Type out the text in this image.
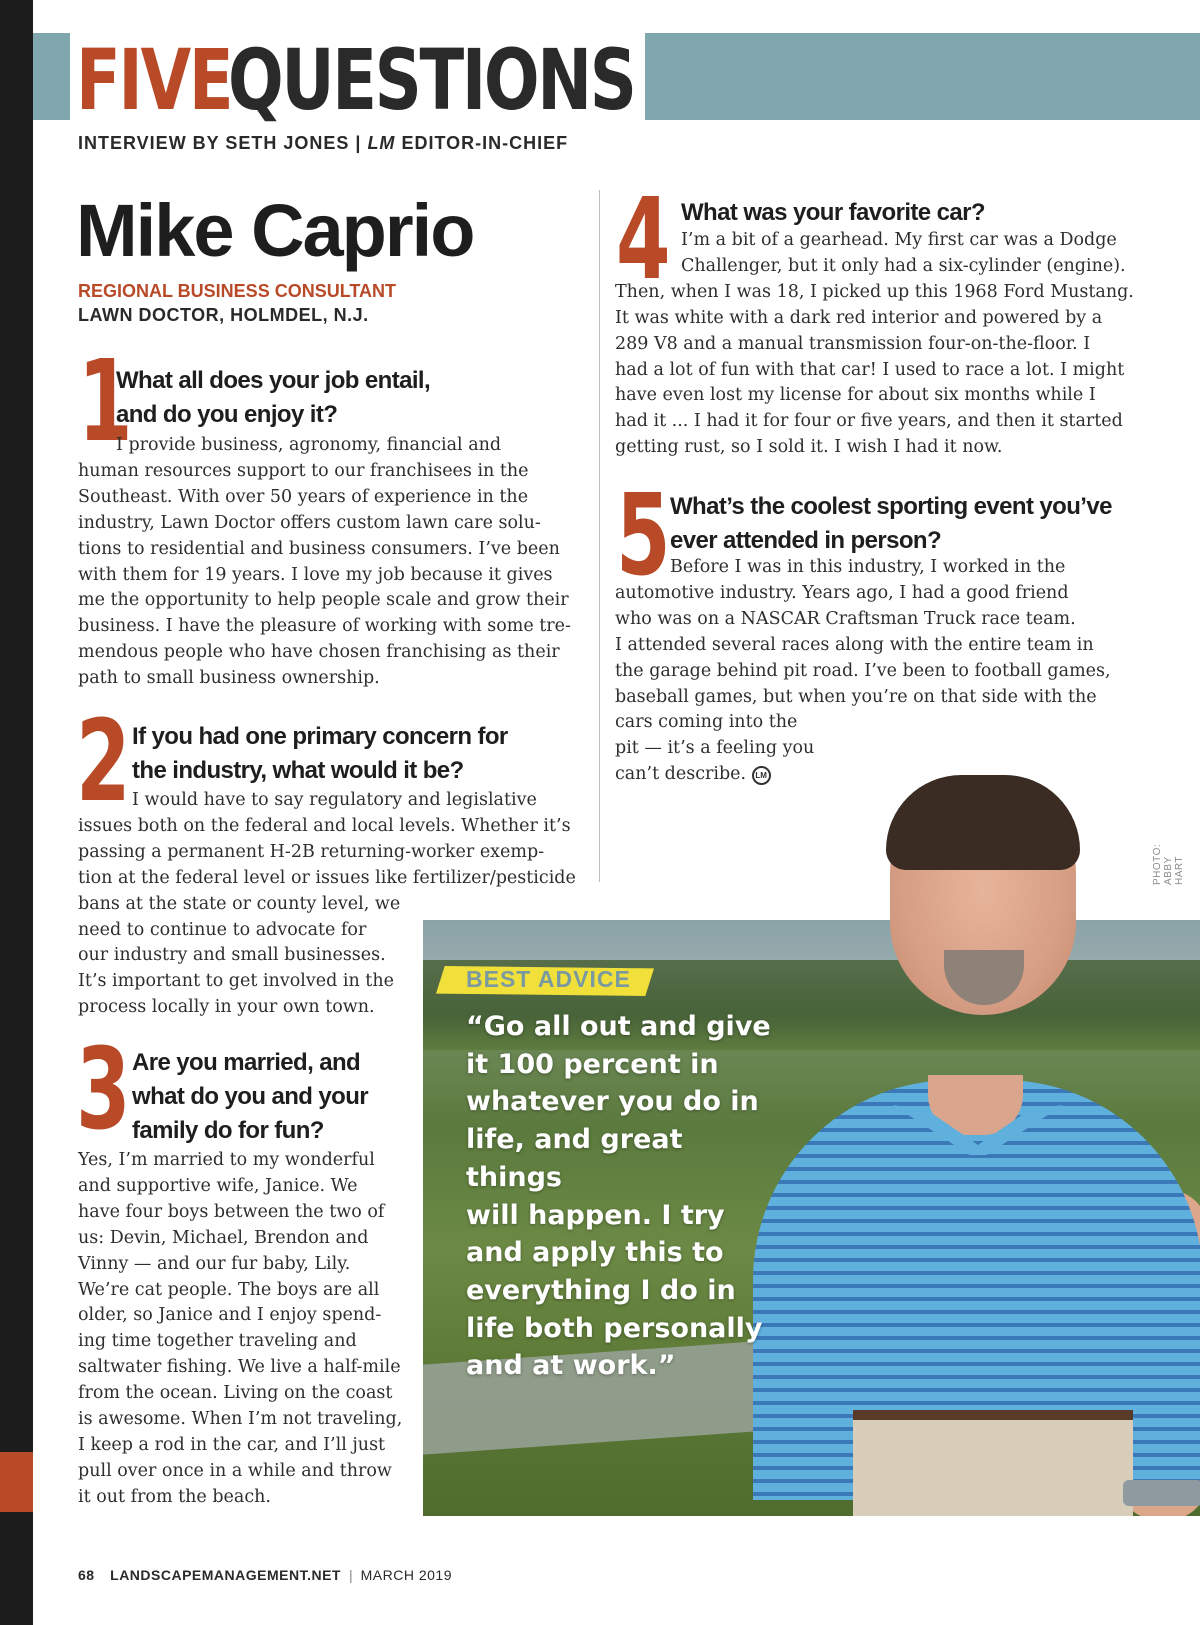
FIVE
QUESTIONS
INTERVIEW BY SETH JONES | LM EDITOR-IN-CHIEF
Mike Caprio
REGIONAL BUSINESS CONSULTANT
LAWN DOCTOR, HOLMDEL, N.J.
1
What all does your job entail,
and do you enjoy it?

I provide business, agronomy, financial and

human resources support to our franchisees in the

Southeast. With over 50 years of experience in the

industry, Lawn Doctor offers custom lawn care solu-

tions to residential and business consumers. I’ve been

with them for 19 years. I love my job because it gives

me the opportunity to help people scale and grow their

business. I have the pleasure of working with some tre-

mendous people who have chosen franchising as their

path to small business ownership.

2 If you had one primary concern for
the industry, what would it be?

I would have to say regulatory and legislative

issues both on the federal and local levels. Whether it’s

passing a permanent H-2B returning-worker exemp-

tion at the federal level or issues like fertilizer/pesticide

bans at the state or county level, we

need to continue to advocate for

our industry and small businesses.

It’s important to get involved in the

process locally in your own town.

3 Are you married, and
what do you and your
family do for fun?

Yes, I’m married to my wonderful

and supportive wife, Janice. We

have four boys between the two of

us: Devin, Michael, Brendon and

Vinny — and our fur baby, Lily.

We’re cat people. The boys are all

older, so Janice and I enjoy spend-

ing time together traveling and

saltwater fishing. We live a half-mile

from the ocean. Living on the coast

is awesome. When I’m not traveling,

I keep a rod in the car, and I’ll just

pull over once in a while and throw

it out from the beach.

4 What was your favorite car?

I’m a bit of a gearhead. My first car was a Dodge

Challenger, but it only had a six-cylinder (engine).

Then, when I was 18, I picked up this 1968 Ford Mustang.

It was white with a dark red interior and powered by a

289 V8 and a manual transmission four-on-the-floor. I

had a lot of fun with that car! I used to race a lot. I might

have even lost my license for about six months while I

had it ... I had it for four or five years, and then it started

getting rust, so I sold it. I wish I had it now.

5 What’s the coolest sporting event you’ve
ever attended in person?

Before I was in this industry, I worked in the

automotive industry. Years ago, I had a good friend

who was on a NASCAR Craftsman Truck race team.

I attended several races along with the entire team in

the garage behind pit road. I’ve been to football games,

baseball games, but when you’re on that side with the

cars coming into the

pit — it’s a feeling you

can’t describe. LM

BEST ADVICE
“Go all out and give
it 100 percent in
whatever you do in
life, and great things
will happen. I try
and apply this to
everything I do in
life both personally
and at work.”
PHOTO: ABBY HART
68 LANDSCAPEMANAGEMENT.NET | MARCH 2019
